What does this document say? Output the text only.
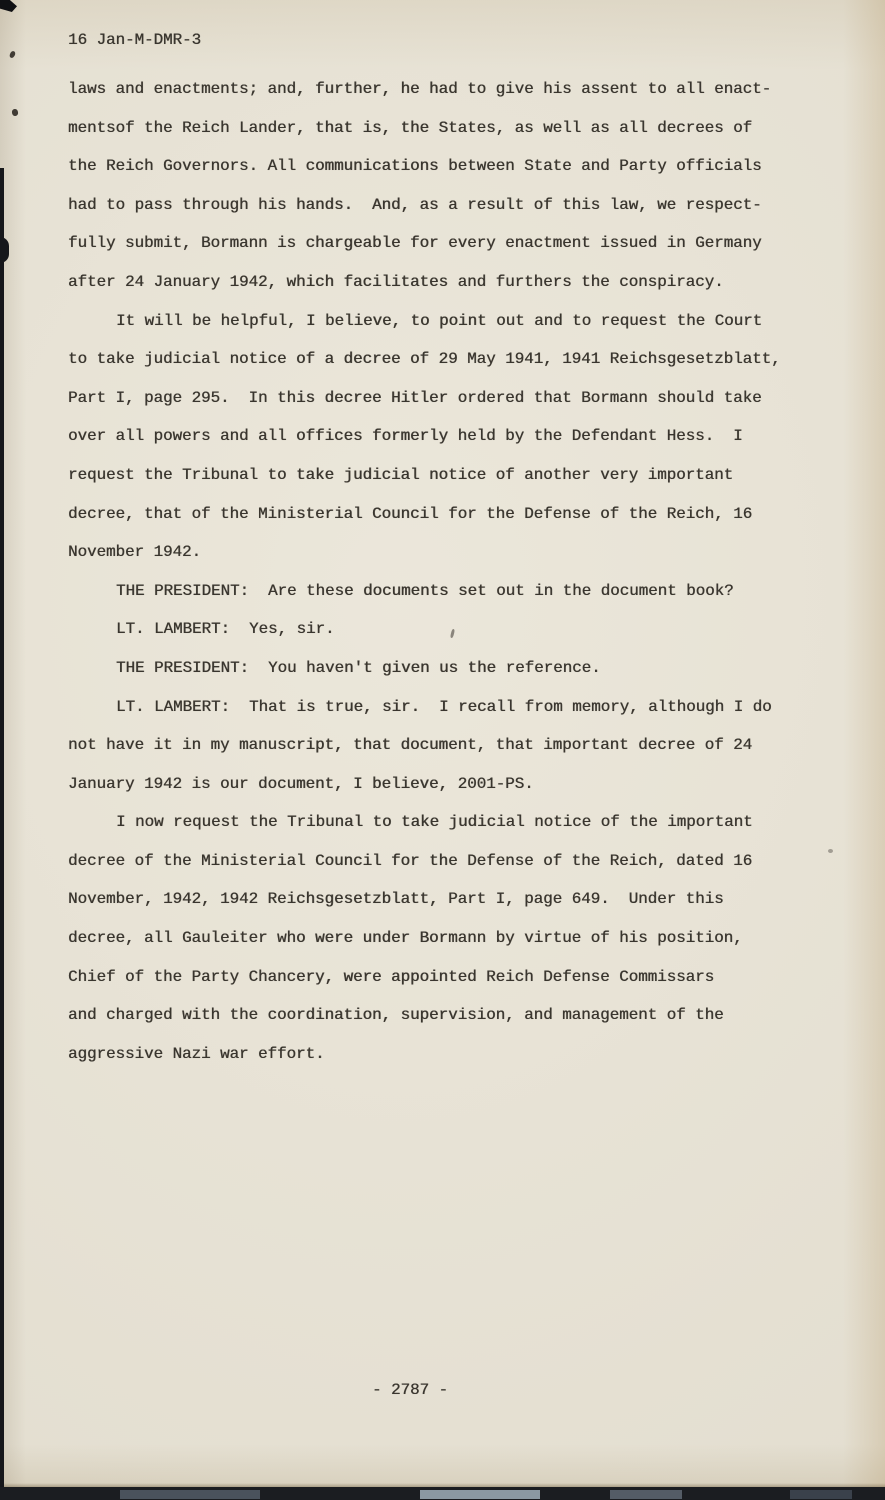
16 Jan-M-DMR-3
laws and enactments; and, further, he had to give his assent to all enact-
mentsof the Reich Lander, that is, the States, as well as all decrees of
the Reich Governors. All communications between State and Party officials
had to pass through his hands.  And, as a result of this law, we respect-
fully submit, Bormann is chargeable for every enactment issued in Germany
after 24 January 1942, which facilitates and furthers the conspiracy.
It will be helpful, I believe, to point out and to request the Court
to take judicial notice of a decree of 29 May 1941, 1941 Reichsgesetzblatt,
Part I, page 295.  In this decree Hitler ordered that Bormann should take
over all powers and all offices formerly held by the Defendant Hess.  I
request the Tribunal to take judicial notice of another very important
decree, that of the Ministerial Council for the Defense of the Reich, 16
November 1942.
THE PRESIDENT:  Are these documents set out in the document book?
LT. LAMBERT:  Yes, sir.
THE PRESIDENT:  You haven't given us the reference.
LT. LAMBERT:  That is true, sir.  I recall from memory, although I do
not have it in my manuscript, that document, that important decree of 24
January 1942 is our document, I believe, 2001-PS.
I now request the Tribunal to take judicial notice of the important
decree of the Ministerial Council for the Defense of the Reich, dated 16
November, 1942, 1942 Reichsgesetzblatt, Part I, page 649.  Under this
decree, all Gauleiter who were under Bormann by virtue of his position,
Chief of the Party Chancery, were appointed Reich Defense Commissars
and charged with the coordination, supervision, and management of the
aggressive Nazi war effort.
- 2787 -
